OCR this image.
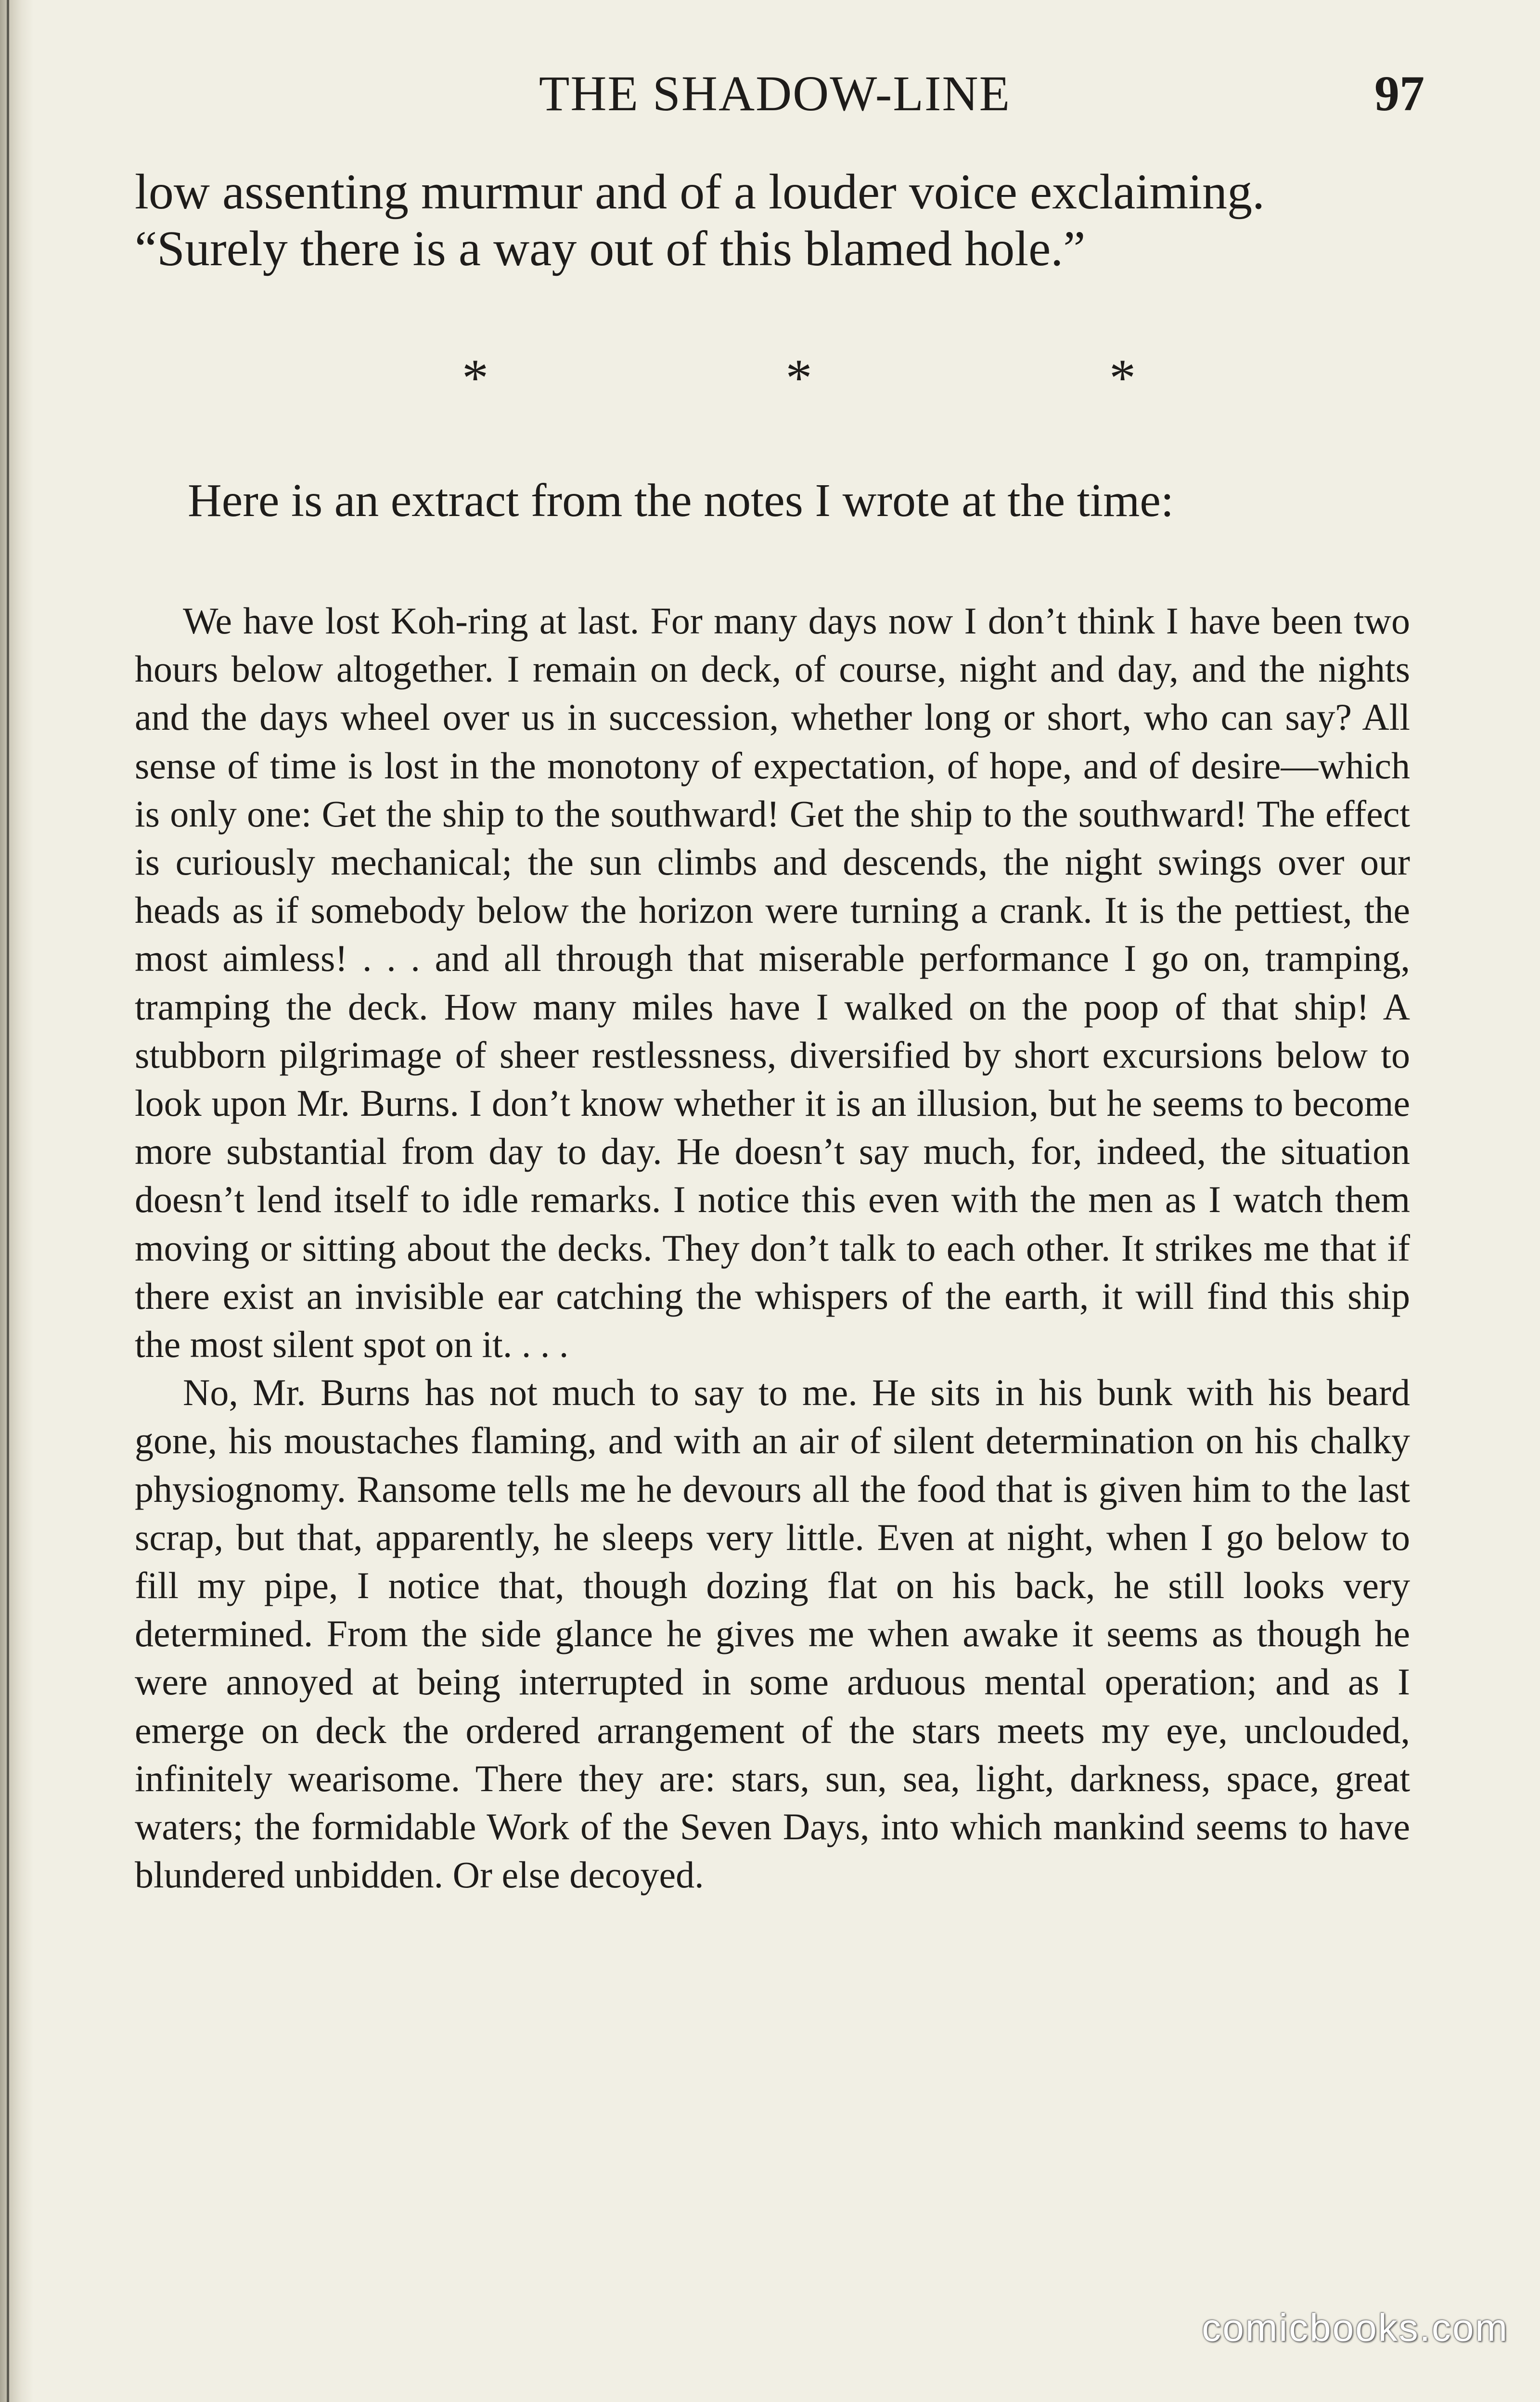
THE SHADOW-LINE	97

low assenting murmur and of a louder voice exclaiming.

“Surely there is a way out of this blamed hole.”

*	*	*
Here is an extract from the notes I wrote at the time:

We have lost Koh-ring at last. For many days now I don’t think I have been two hours below altogether. I remain on deck, of course, night and day, and the nights and the days wheel over us in succession, whether long or short, who can say? All sense of time is lost in the monotony of expectation, of hope, and of desire—which is only one: Get the ship to the southward! Get the ship to the southward! The effect is curiously mechanical; the sun climbs and descends, the night swings over our heads as if somebody below the horizon were turning a crank. It is the pettiest, the most aimless! . . . and all through that miserable performance I go on, tramping, tramping the deck. How many miles have I walked on the poop of that ship! A stubborn pilgrimage of sheer restlessness, diversified by short excursions below to look upon Mr. Burns. I don’t know whether it is an illusion, but he seems to become more substantial from day to day. He doesn’t say much, for, indeed, the situation doesn’t lend itself to idle remarks. I notice this even with the men as I watch them moving or sitting about the decks. They don’t talk to each other. It strikes me that if there exist an invisible ear catching the whispers of the earth, it will find this ship the most silent spot on it. . . .

No, Mr. Burns has not much to say to me. He sits in his bunk with his beard gone, his moustaches flaming, and with an air of silent determination on his chalky physiognomy. Ransome tells me he devours all the food that is given him to the last scrap, but that, apparently, he sleeps very little. Even at night, when I go below to fill my pipe, I notice that, though dozing flat on his back, he still looks very determined. From the side glance he gives me when awake it seems as though he were annoyed at being interrupted in some arduous mental operation; and as I emerge on deck the ordered arrangement of the stars meets my eye, unclouded, infinitely wearisome. There they are: stars, sun, sea, light, darkness, space, great waters; the formidable Work of the Seven Days, into which mankind seems to have blundered unbidden. Or else decoyed.

comicbooks.com
